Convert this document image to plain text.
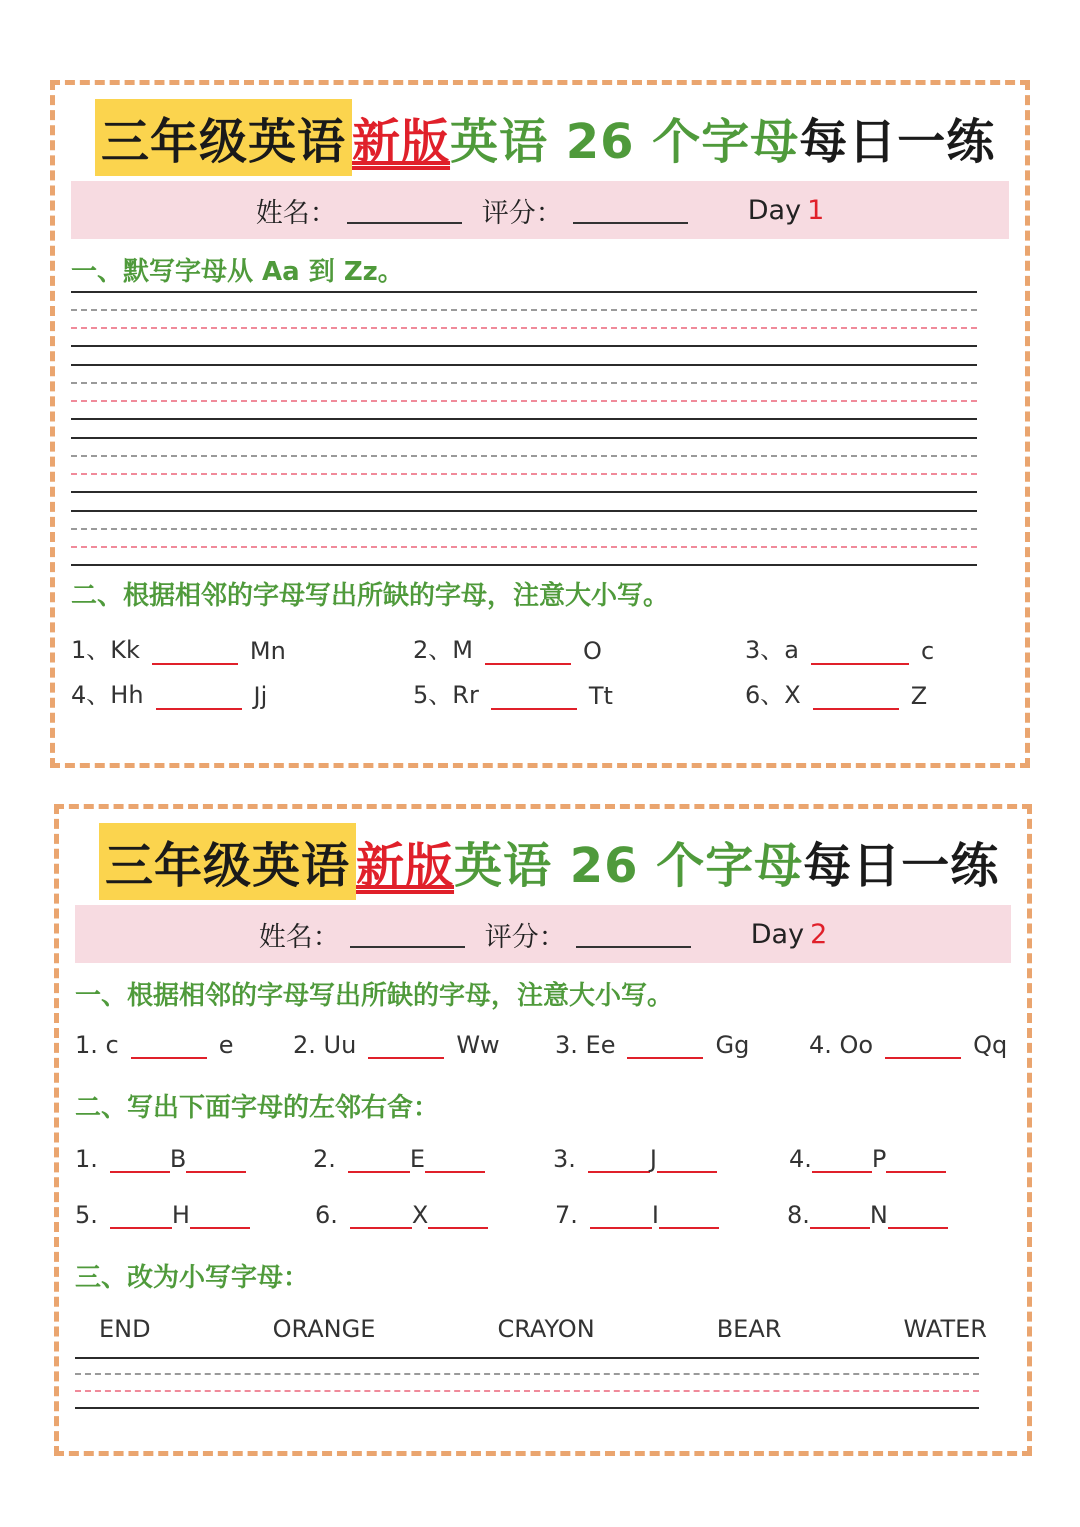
三年级英语 新版 英语 26 个字母 每日一练
姓名：	评分：	Day 1
一、默写字母从 Aa 到 Zz。
二、根据相邻的字母写出所缺的字母，注意大小写。
1、Kk	Mn	2、M	O	3、a	c
4、Hh	Jj	5、Rr	Tt	6、X	Z
三年级英语 新版 英语 26 个字母 每日一练
姓名：	评分：	Day 2
一、根据相邻的字母写出所缺的字母，注意大小写。
1. c	e 2. Uu	Ww 3. Ee	Gg 4. Oo	Qq
二、写出下面字母的左邻右舍：
1.	B	2.	E	3.	J	4.	P
5.	H	6.	X	7.	I	8.	N
三、改为小写字母：
END	ORANGE	CRAYON	BEAR	WATER
